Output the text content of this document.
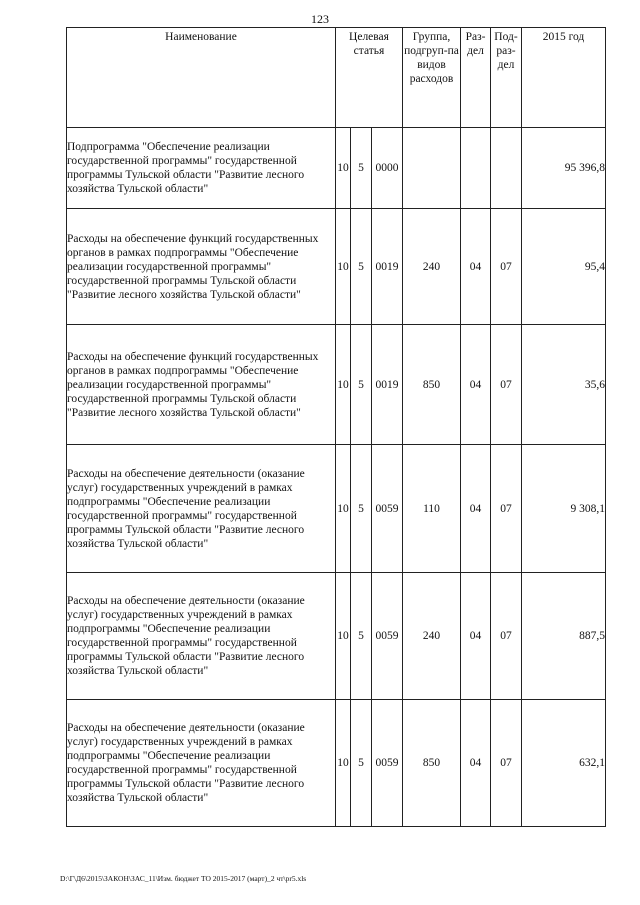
123
Наименование	Целевая статья			Группа, подгруп-па видов расходов	Раз-дел	Под-раз-дел	2015 год
Подпрограмма "Обеспечение реализации государственной программы" государственной программы Тульской области "Развитие лесного хозяйства Тульской области"	10	5	0000				95 396,8
Расходы на обеспечение функций государственных органов в рамках подпрограммы "Обеспечение реализации государственной программы" государственной программы Тульской области "Развитие лесного хозяйства Тульской области"	10	5	0019	240	04	07	95,4
Расходы на обеспечение функций государственных органов в рамках подпрограммы "Обеспечение реализации государственной программы" государственной программы Тульской области "Развитие лесного хозяйства Тульской области"	10	5	0019	850	04	07	35,6
Расходы на обеспечение деятельности (оказание услуг) государственных учреждений в рамках подпрограммы "Обеспечение реализации государственной программы" государственной программы Тульской области "Развитие лесного хозяйства Тульской области"	10	5	0059	110	04	07	9 308,1
Расходы на обеспечение деятельности (оказание услуг) государственных учреждений в рамках подпрограммы "Обеспечение реализации государственной программы" государственной программы Тульской области "Развитие лесного хозяйства Тульской области"	10	5	0059	240	04	07	887,5
Расходы на обеспечение деятельности (оказание услуг) государственных учреждений в рамках подпрограммы "Обеспечение реализации государственной программы" государственной программы Тульской области "Развитие лесного хозяйства Тульской области"	10	5	0059	850	04	07	632,1
D:\Г\Д6\2015\ЗАКОН\ЗАС_11\Изм. бюджет ТО 2015-2017 (март)_2 чт\pr5.xls
